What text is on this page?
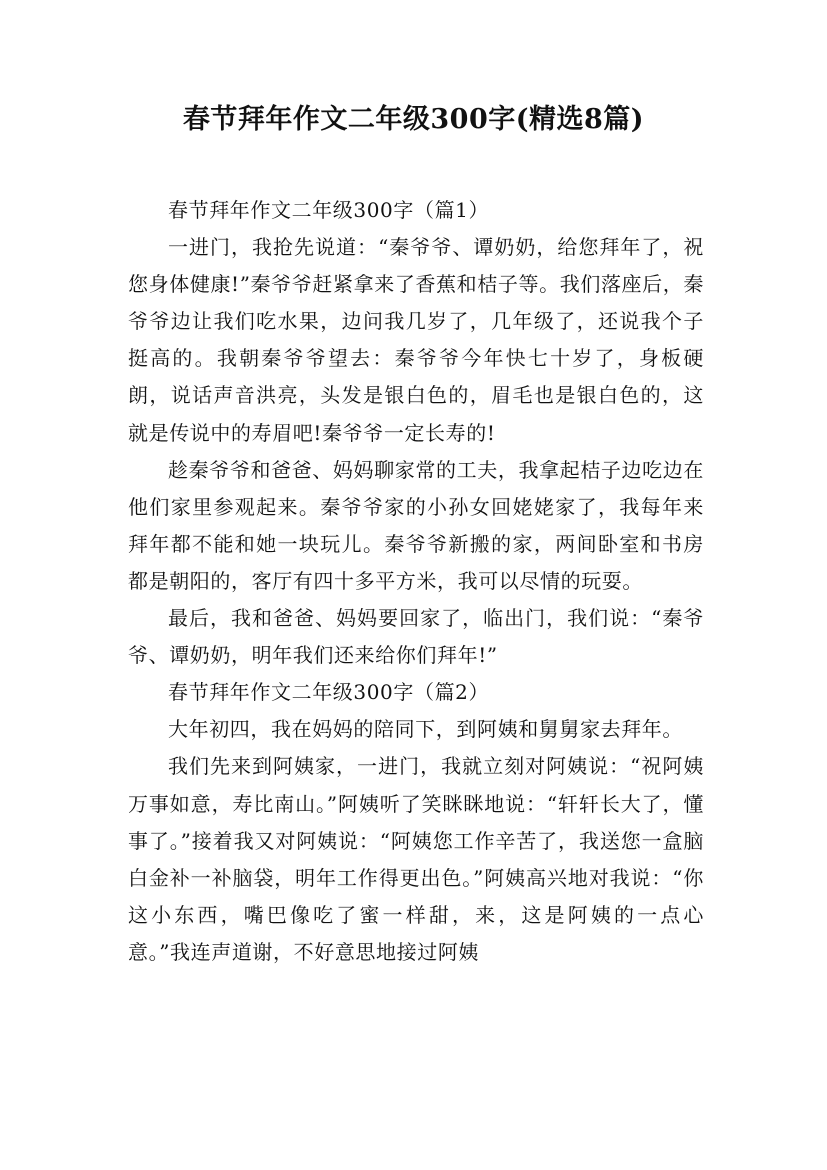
春节拜年作文二年级300字(精选8篇)

春节拜年作文二年级300字（篇1）

一进门，我抢先说道：“秦爷爷、谭奶奶，给您拜年了，祝您身体健康!”秦爷爷赶紧拿来了香蕉和桔子等。我们落座后，秦爷爷边让我们吃水果，边问我几岁了，几年级了，还说我个子挺高的。我朝秦爷爷望去：秦爷爷今年快七十岁了，身板硬朗，说话声音洪亮，头发是银白色的，眉毛也是银白色的，这就是传说中的寿眉吧!秦爷爷一定长寿的!

趁秦爷爷和爸爸、妈妈聊家常的工夫，我拿起桔子边吃边在他们家里参观起来。秦爷爷家的小孙女回姥姥家了，我每年来拜年都不能和她一块玩儿。秦爷爷新搬的家，两间卧室和书房都是朝阳的，客厅有四十多平方米，我可以尽情的玩耍。

最后，我和爸爸、妈妈要回家了，临出门，我们说：“秦爷爷、谭奶奶，明年我们还来给你们拜年!”

春节拜年作文二年级300字（篇2）

大年初四，我在妈妈的陪同下，到阿姨和舅舅家去拜年。

我们先来到阿姨家，一进门，我就立刻对阿姨说：“祝阿姨万事如意，寿比南山。”阿姨听了笑眯眯地说：“轩轩长大了，懂事了。”接着我又对阿姨说：“阿姨您工作辛苦了，我送您一盒脑白金补一补脑袋，明年工作得更出色。”阿姨高兴地对我说：“你这小东西，嘴巴像吃了蜜一样甜，来，这是阿姨的一点心意。”我连声道谢，不好意思地接过阿姨
